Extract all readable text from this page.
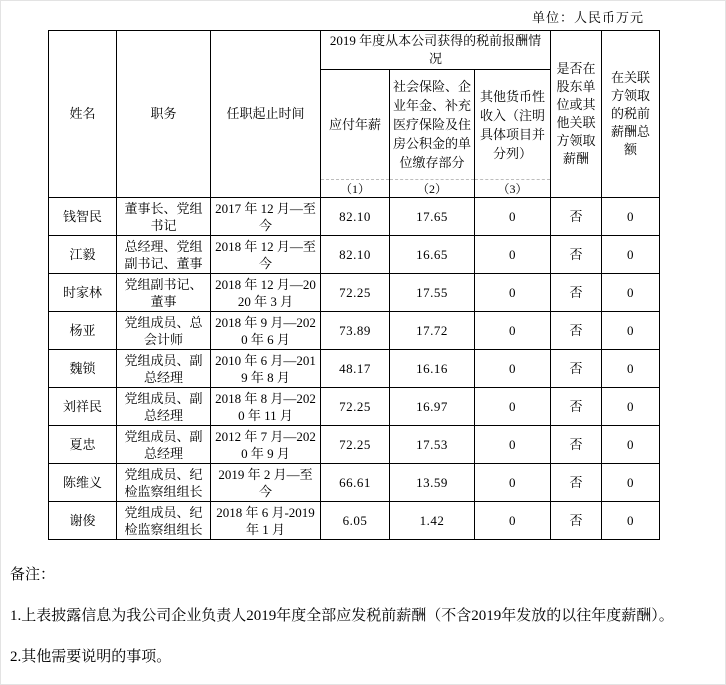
单位：人民币万元
姓名	职务	任职起止时间	2019 年度从本公司获得的税前报酬情况			是否在股东单位或其他关联方领取薪酬	在关联方领取的税前薪酬总额
			应付年薪	社会保险、企业年金、补充医疗保险及住房公积金的单位缴存部分	其他货币性收入（注明具体项目并分列）		
			（1）	（2）	（3）		
钱智民	董事长、党组书记	2017 年 12 月—至今	82.10	17.65	0	否	0
江毅	总经理、党组副书记、董事	2018 年 12 月—至今	82.10	16.65	0	否	0
时家林	党组副书记、董事	2018 年 12 月—2020 年 3 月	72.25	17.55	0	否	0
杨亚	党组成员、总会计师	2018 年 9 月—2020 年 6 月	73.89	17.72	0	否	0
魏锁	党组成员、副总经理	2010 年 6 月—2019 年 8 月	48.17	16.16	0	否	0
刘祥民	党组成员、副总经理	2018 年 8 月—2020 年 11 月	72.25	16.97	0	否	0
夏忠	党组成员、副总经理	2012 年 7 月—2020 年 9 月	72.25	17.53	0	否	0
陈维义	党组成员、纪检监察组组长	2019 年 2 月—至今	66.61	13.59	0	否	0
谢俊	党组成员、纪检监察组组长	2018 年 6 月-2019 年 1 月	6.05	1.42	0	否	0

备注：

1.上表披露信息为我公司企业负责人2019年度全部应发税前薪酬（不含2019年发放的以往年度薪酬）。

2.其他需要说明的事项。
